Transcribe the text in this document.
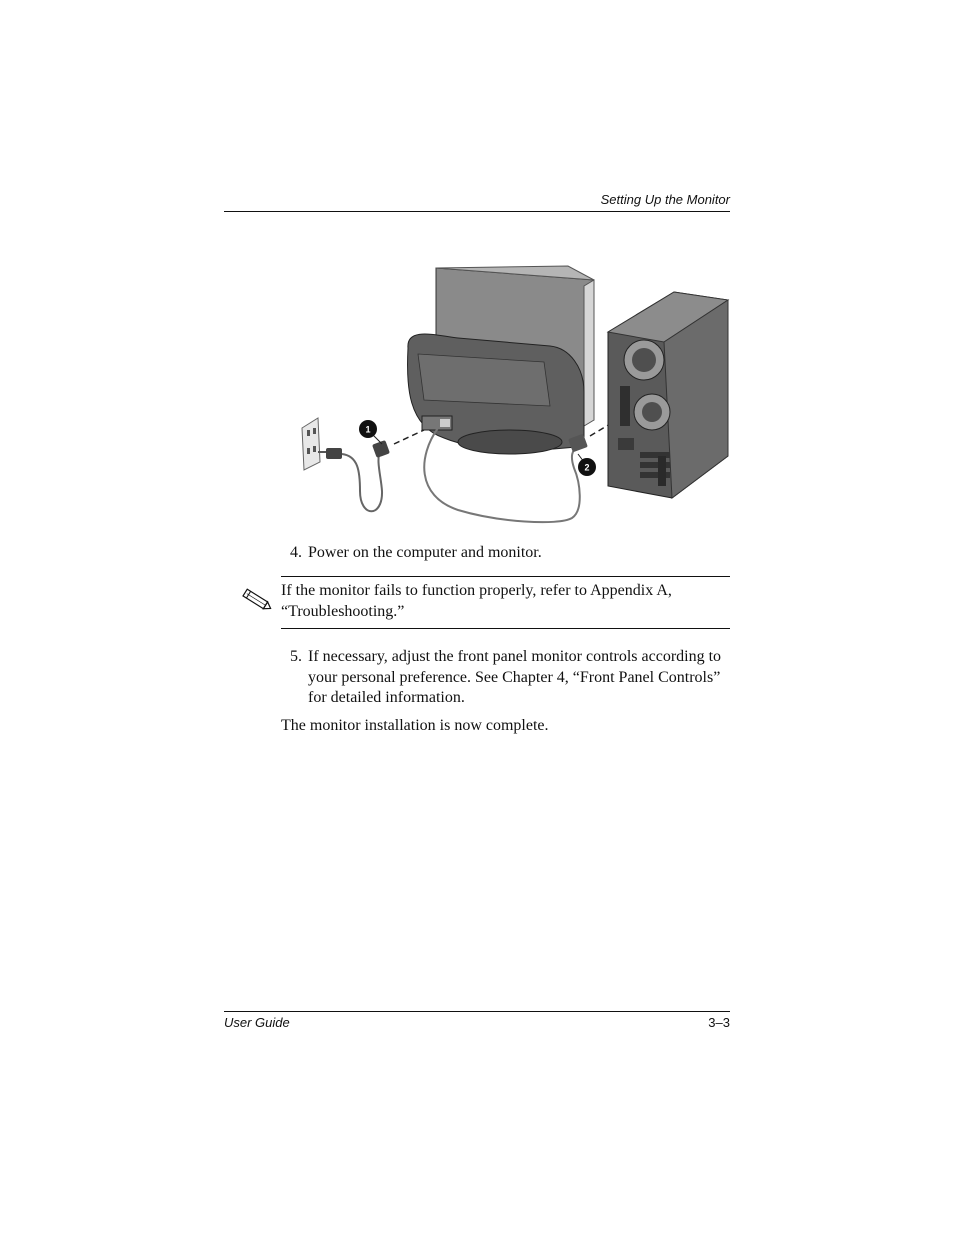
Setting Up the Monitor
1
2
4. Power on the computer and monitor.
If the monitor fails to function properly, refer to Appendix A, “Troubleshooting.”
5. If necessary, adjust the front panel monitor controls according to your personal preference. See Chapter 4, “Front Panel Controls” for detailed information.
The monitor installation is now complete.
User Guide	3–3
